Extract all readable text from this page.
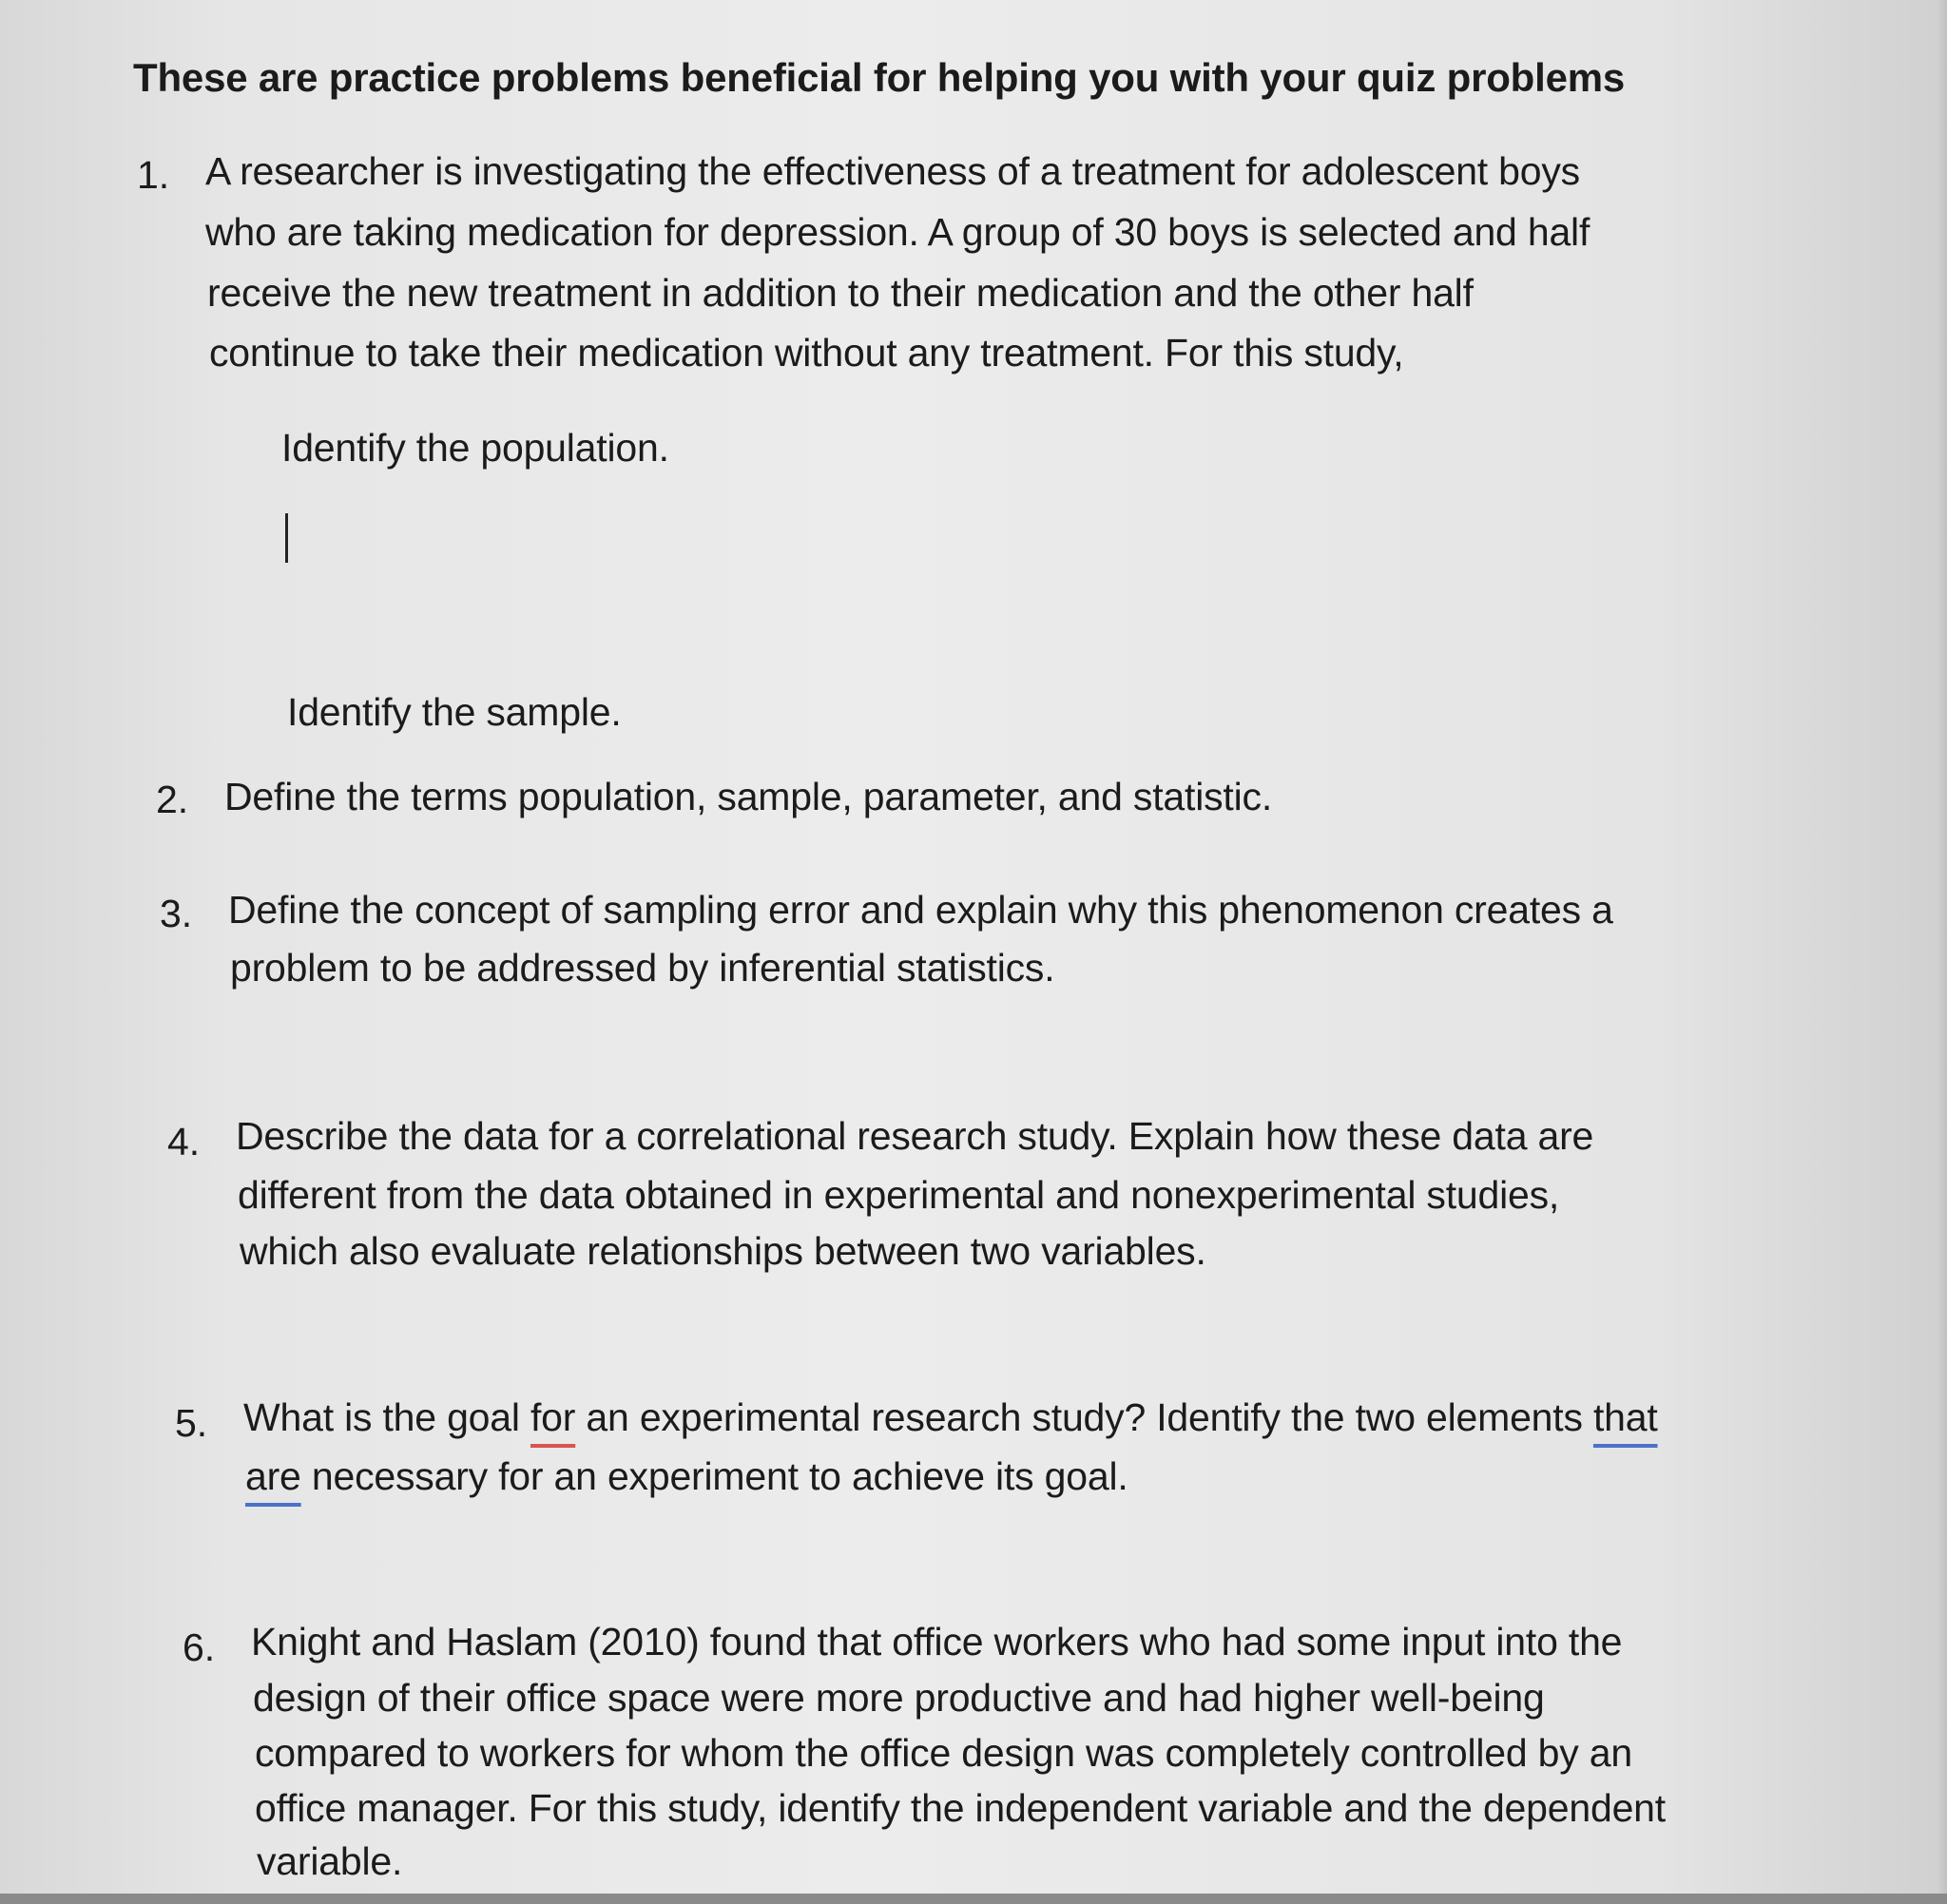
These are practice problems beneficial for helping you with your quiz problems
1. A researcher is investigating the effectiveness of a treatment for adolescent boys
who are taking medication for depression. A group of 30 boys is selected and half
receive the new treatment in addition to their medication and the other half
continue to take their medication without any treatment. For this study,
Identify the population.
Identify the sample.
2. Define the terms population, sample, parameter, and statistic.
3. Define the concept of sampling error and explain why this phenomenon creates a
problem to be addressed by inferential statistics.
4. Describe the data for a correlational research study. Explain how these data are
different from the data obtained in experimental and nonexperimental studies,
which also evaluate relationships between two variables.
5. What is the goal for an experimental research study? Identify the two elements that
are necessary for an experiment to achieve its goal.
6. Knight and Haslam (2010) found that office workers who had some input into the
design of their office space were more productive and had higher well-being
compared to workers for whom the office design was completely controlled by an
office manager. For this study, identify the independent variable and the dependent
variable.
